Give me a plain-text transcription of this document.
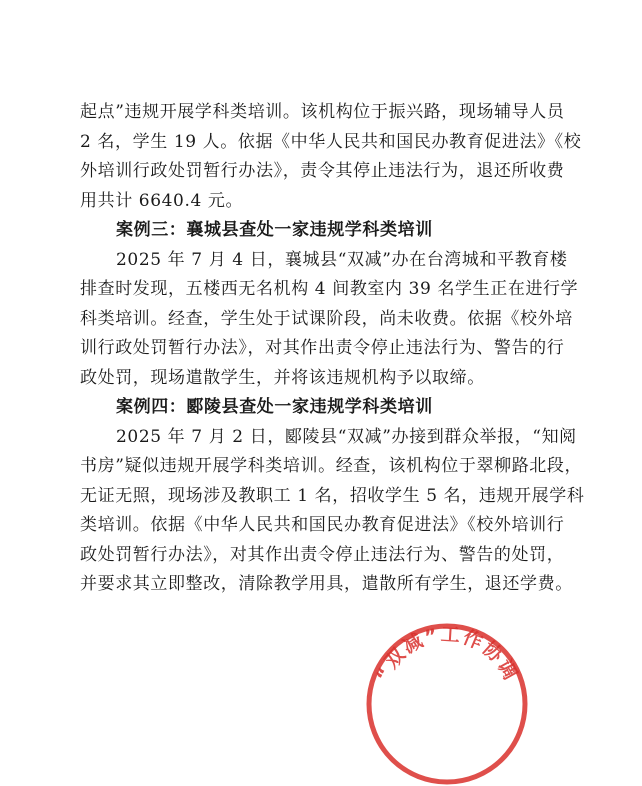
起点”违规开展学科类培训。该机构位于振兴路，现场辅导人员
2 名，学生 19 人。依据《中华人民共和国民办教育促进法》《校
外培训行政处罚暂行办法》，责令其停止违法行为，退还所收费
用共计 6640.4 元。
案例三：襄城县查处一家违规学科类培训
2025 年 7 月 4 日，襄城县“双减”办在台湾城和平教育楼
排查时发现，五楼西无名机构 4 间教室内 39 名学生正在进行学
科类培训。经查，学生处于试课阶段，尚未收费。依据《校外培
训行政处罚暂行办法》，对其作出责令停止违法行为、警告的行
政处罚，现场遣散学生，并将该违规机构予以取缔。
案例四：郾陵县查处一家违规学科类培训
2025 年 7 月 2 日，郾陵县“双减”办接到群众举报，“知阅
书房”疑似违规开展学科类培训。经查，该机构位于翠柳路北段，
无证无照，现场涉及教职工 1 名，招收学生 5 名，违规开展学科
类培训。依据《中华人民共和国民办教育促进法》《校外培训行
政处罚暂行办法》，对其作出责令停止违法行为、警告的处罚，
并要求其立即整改，清除教学用具，遣散所有学生，退还学费。
“双减”工作协调
